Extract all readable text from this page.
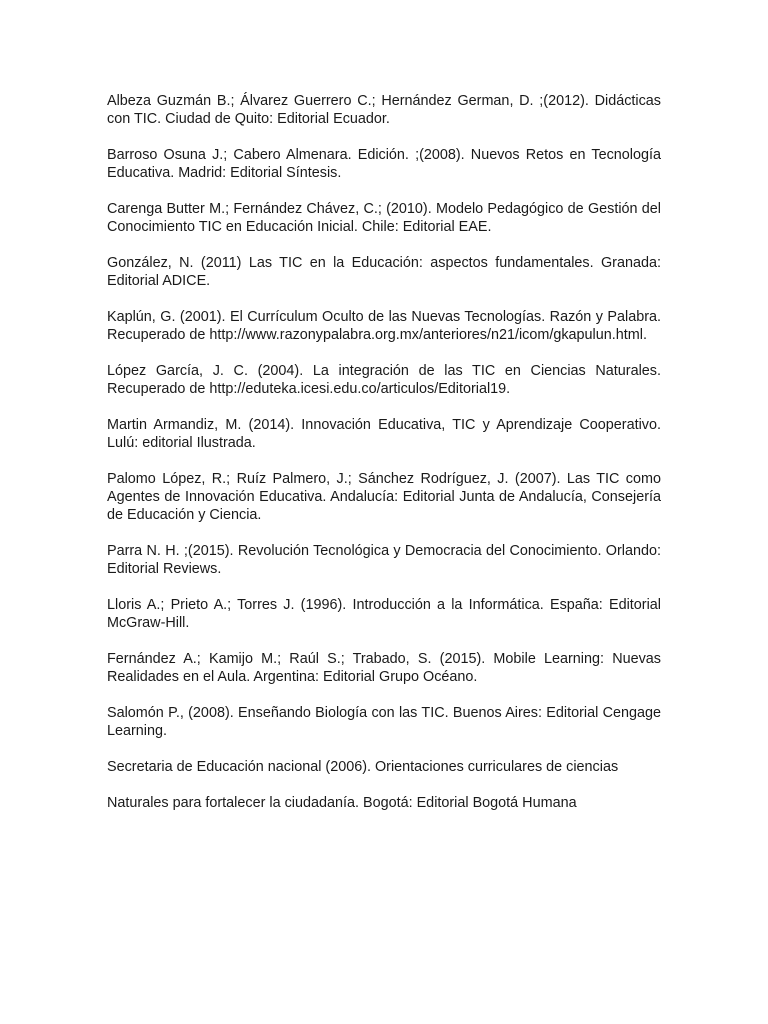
Albeza Guzmán B.; Álvarez Guerrero C.; Hernández German, D. ;(2012). Didácticas con TIC. Ciudad de Quito: Editorial Ecuador.

Barroso Osuna J.; Cabero Almenara. Edición. ;(2008). Nuevos Retos en Tecnología Educativa. Madrid: Editorial Síntesis.

Carenga Butter M.; Fernández Chávez, C.; (2010). Modelo Pedagógico de Gestión del Conocimiento TIC en Educación Inicial. Chile: Editorial EAE.

González, N. (2011) Las TIC en la Educación: aspectos fundamentales. Granada: Editorial ADICE.

Kaplún, G. (2001). El Currículum Oculto de las Nuevas Tecnologías. Razón y Palabra. Recuperado de http://www.razonypalabra.org.mx/anteriores/n21/icom/gkapulun.html.

López García, J. C. (2004). La integración de las TIC en Ciencias Naturales. Recuperado de http://eduteka.icesi.edu.co/articulos/Editorial19.

Martin Armandiz, M. (2014). Innovación Educativa, TIC y Aprendizaje Cooperativo. Lulú: editorial Ilustrada.

Palomo López, R.; Ruíz Palmero, J.; Sánchez Rodríguez, J. (2007). Las TIC como Agentes de Innovación Educativa. Andalucía: Editorial Junta de Andalucía, Consejería de Educación y Ciencia.

Parra N. H. ;(2015). Revolución Tecnológica y Democracia del Conocimiento. Orlando: Editorial Reviews.

Lloris A.; Prieto A.; Torres J. (1996). Introducción a la Informática. España: Editorial McGraw-Hill.

Fernández A.; Kamijo M.; Raúl S.; Trabado, S. (2015). Mobile Learning: Nuevas Realidades en el Aula. Argentina: Editorial Grupo Océano.

Salomón P., (2008). Enseñando Biología con las TIC. Buenos Aires: Editorial Cengage Learning.

Secretaria de Educación nacional (2006). Orientaciones curriculares de ciencias

Naturales para fortalecer la ciudadanía. Bogotá: Editorial Bogotá Humana
